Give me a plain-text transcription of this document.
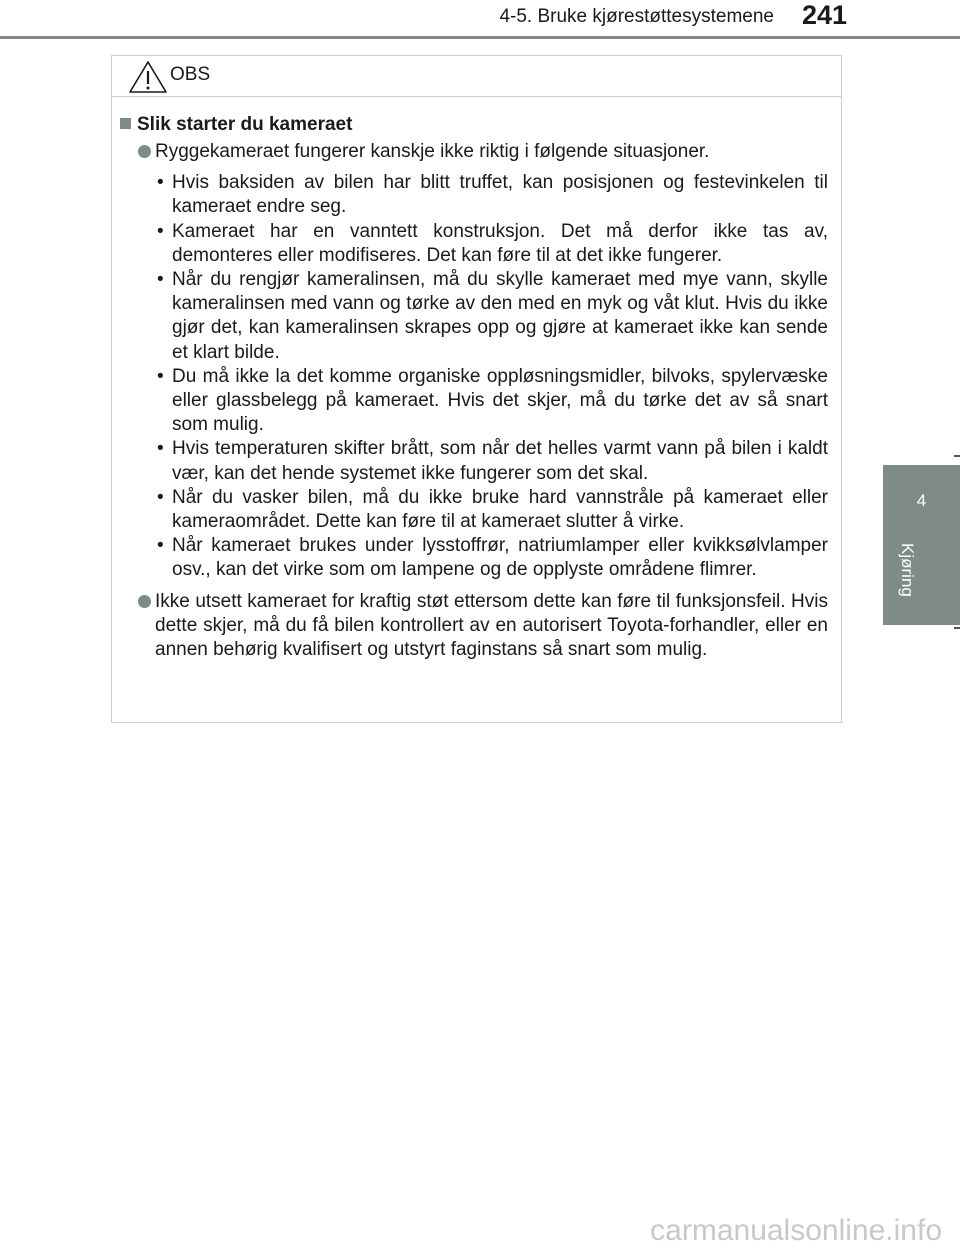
4-5. Bruke kjørestøttesystemene 241
4
Kjøring
OBS
Slik starter du kameraet
Ryggekameraet fungerer kanskje ikke riktig i følgende situasjoner.
• Hvis baksiden av bilen har blitt truffet, kan posisjonen og festevinkelen til kameraet endre seg.
• Kameraet har en vanntett konstruksjon. Det må derfor ikke tas av, demonteres eller modifiseres. Det kan føre til at det ikke fungerer.
• Når du rengjør kameralinsen, må du skylle kameraet med mye vann, skylle kameralinsen med vann og tørke av den med en myk og våt klut. Hvis du ikke gjør det, kan kameralinsen skrapes opp og gjøre at kameraet ikke kan sende et klart bilde.
• Du må ikke la det komme organiske oppløsningsmidler, bilvoks, spylervæske eller glassbelegg på kameraet. Hvis det skjer, må du tørke det av så snart som mulig.
• Hvis temperaturen skifter brått, som når det helles varmt vann på bilen i kaldt vær, kan det hende systemet ikke fungerer som det skal.
• Når du vasker bilen, må du ikke bruke hard vannstråle på kameraet eller kameraområdet. Dette kan føre til at kameraet slutter å virke.
• Når kameraet brukes under lysstoffrør, natriumlamper eller kvikksølvlamper osv., kan det virke som om lampene og de opplyste områdene flimrer.
Ikke utsett kameraet for kraftig støt ettersom dette kan føre til funksjonsfeil. Hvis dette skjer, må du få bilen kontrollert av en autorisert Toyota-forhandler, eller en annen behørig kvalifisert og utstyrt faginstans så snart som mulig.
carmanualsonline.info
